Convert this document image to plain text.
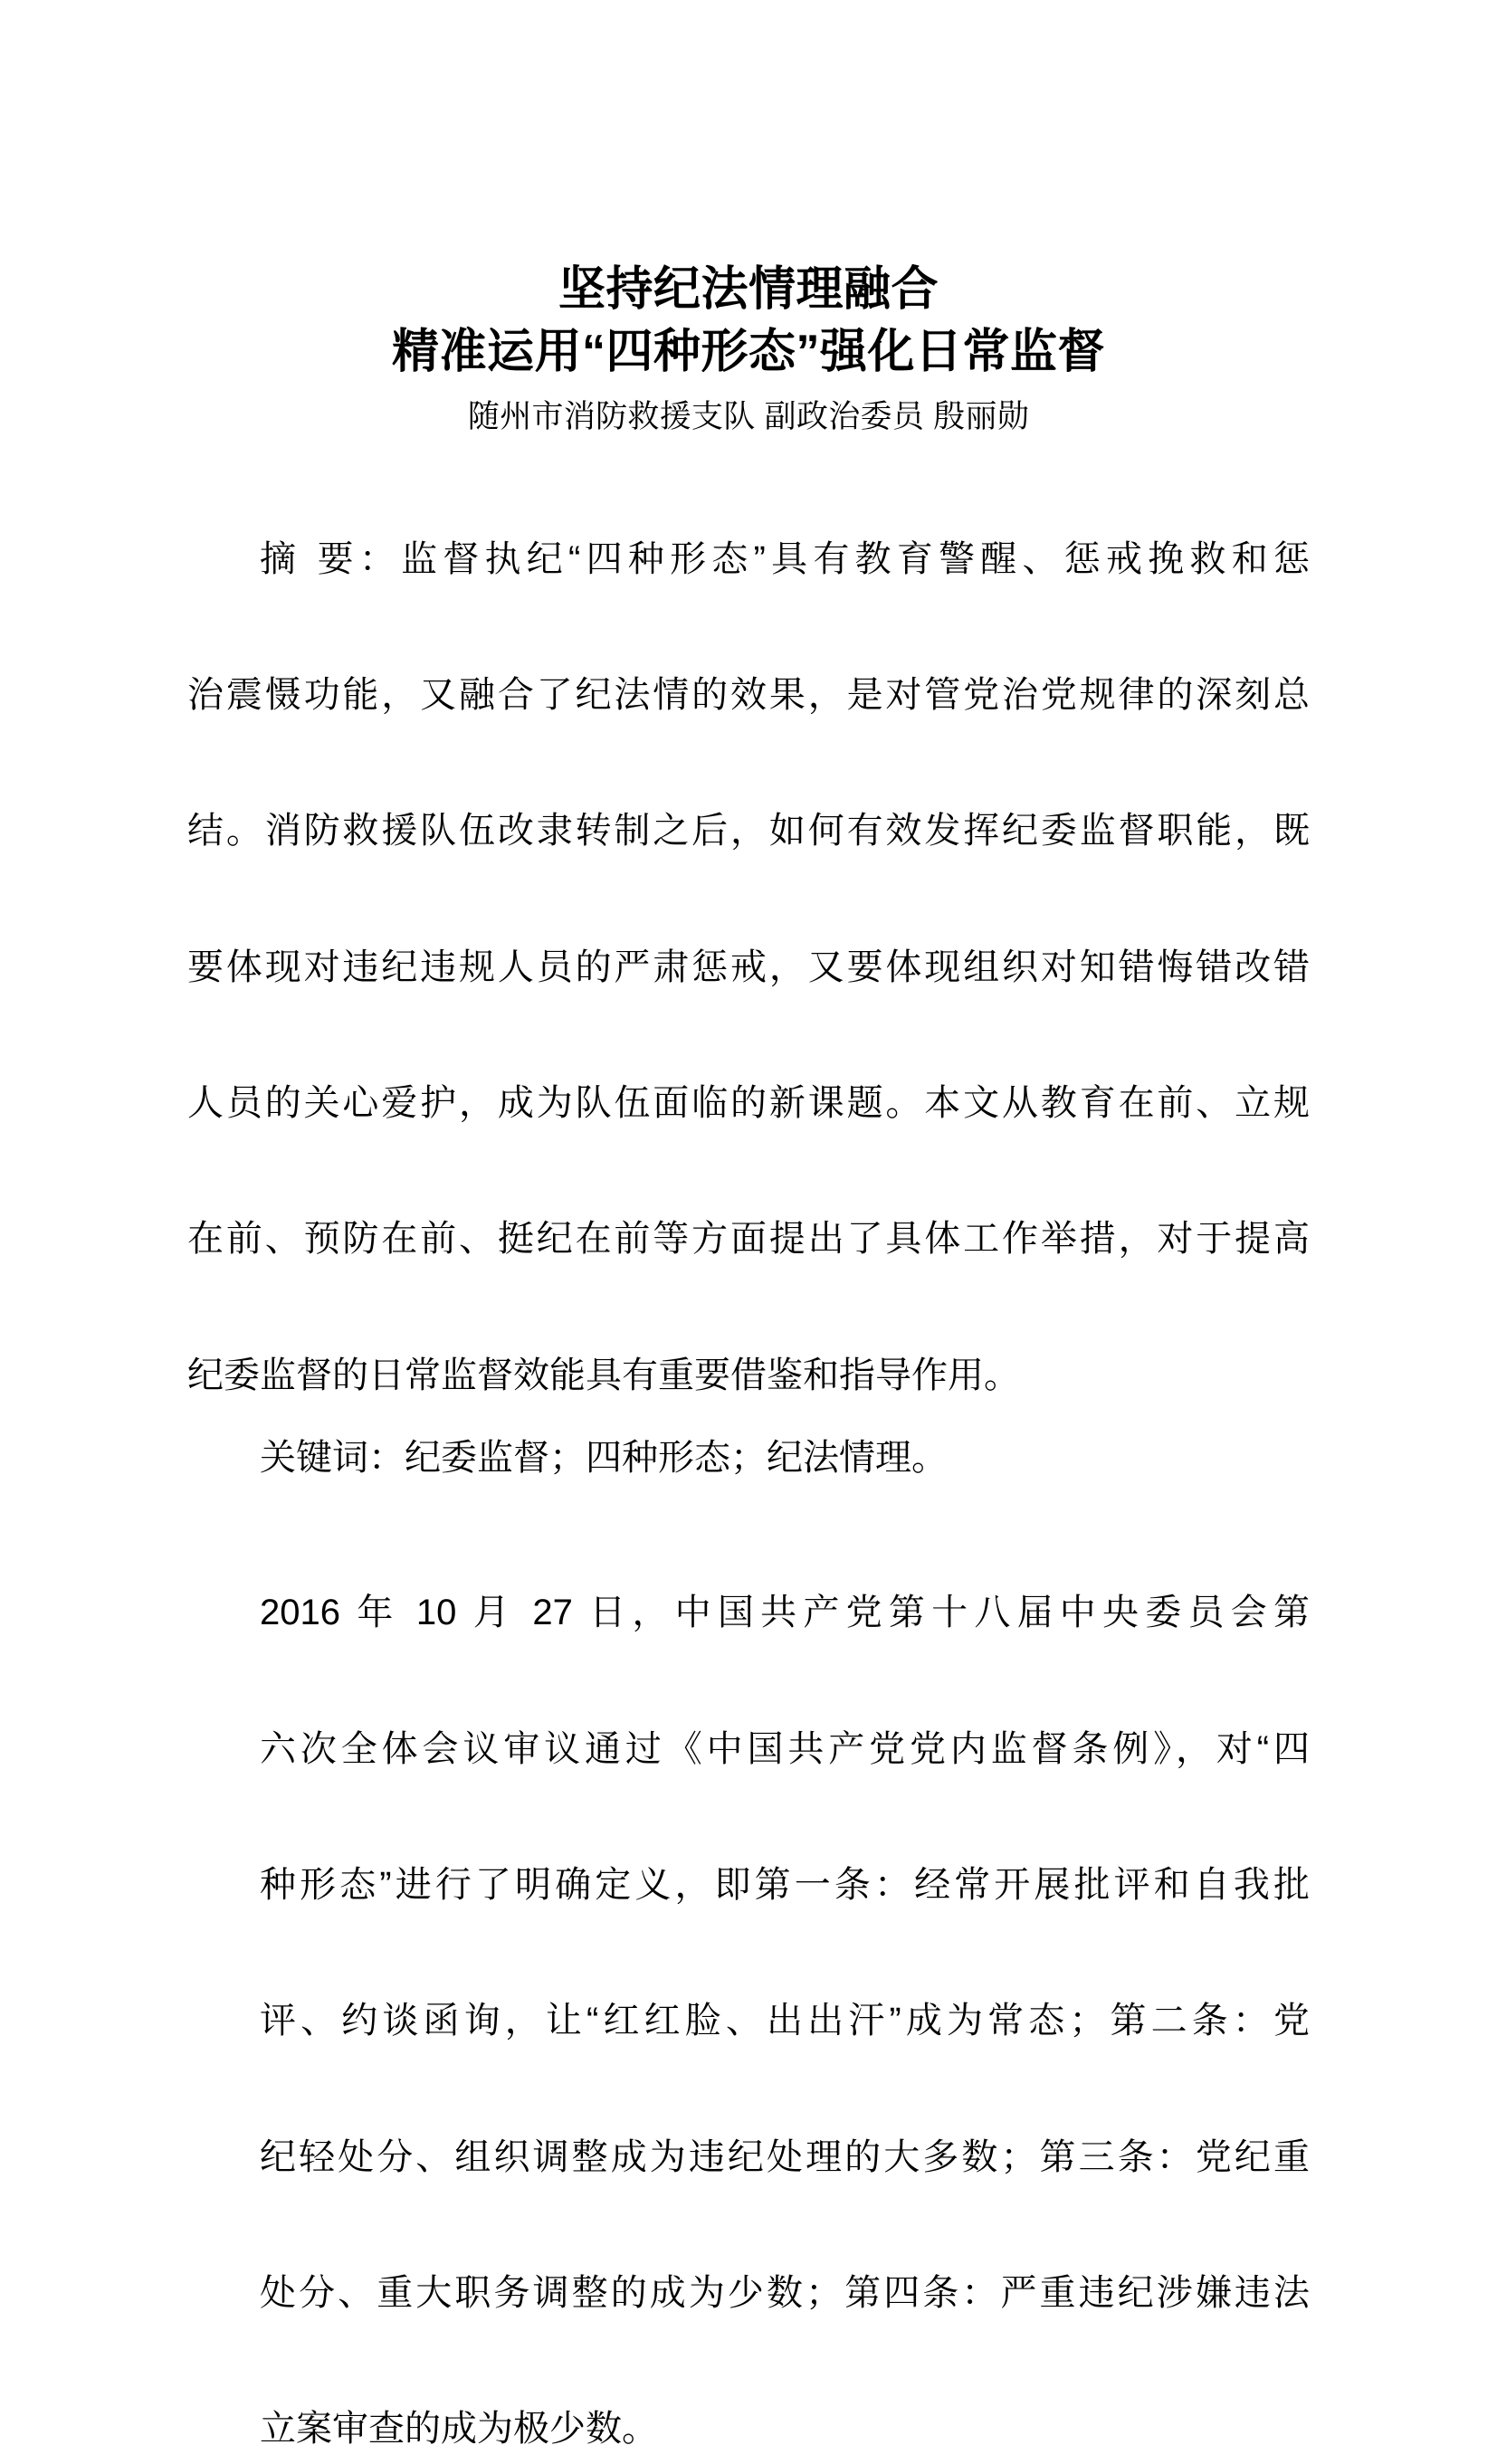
坚持纪法情理融合
精准运用“四种形态”强化日常监督
随州市消防救援支队 副政治委员 殷丽勋
摘 要：监督执纪“四种形态”具有教育警醒、惩戒挽救和惩
治震慑功能，又融合了纪法情的效果，是对管党治党规律的深刻总
结。消防救援队伍改隶转制之后，如何有效发挥纪委监督职能，既
要体现对违纪违规人员的严肃惩戒，又要体现组织对知错悔错改错
人员的关心爱护，成为队伍面临的新课题。本文从教育在前、立规
在前、预防在前、挺纪在前等方面提出了具体工作举措，对于提高
纪委监督的日常监督效能具有重要借鉴和指导作用。
关键词：纪委监督；四种形态；纪法情理。
2016 年 10 月 27 日，中国共产党第十八届中央委员会第
六次全体会议审议通过《中国共产党党内监督条例》，对“四
种形态”进行了明确定义，即第一条：经常开展批评和自我批
评、约谈函询，让“红红脸、出出汗”成为常态；第二条：党
纪轻处分、组织调整成为违纪处理的大多数；第三条：党纪重
处分、重大职务调整的成为少数；第四条：严重违纪涉嫌违法
立案审查的成为极少数。
